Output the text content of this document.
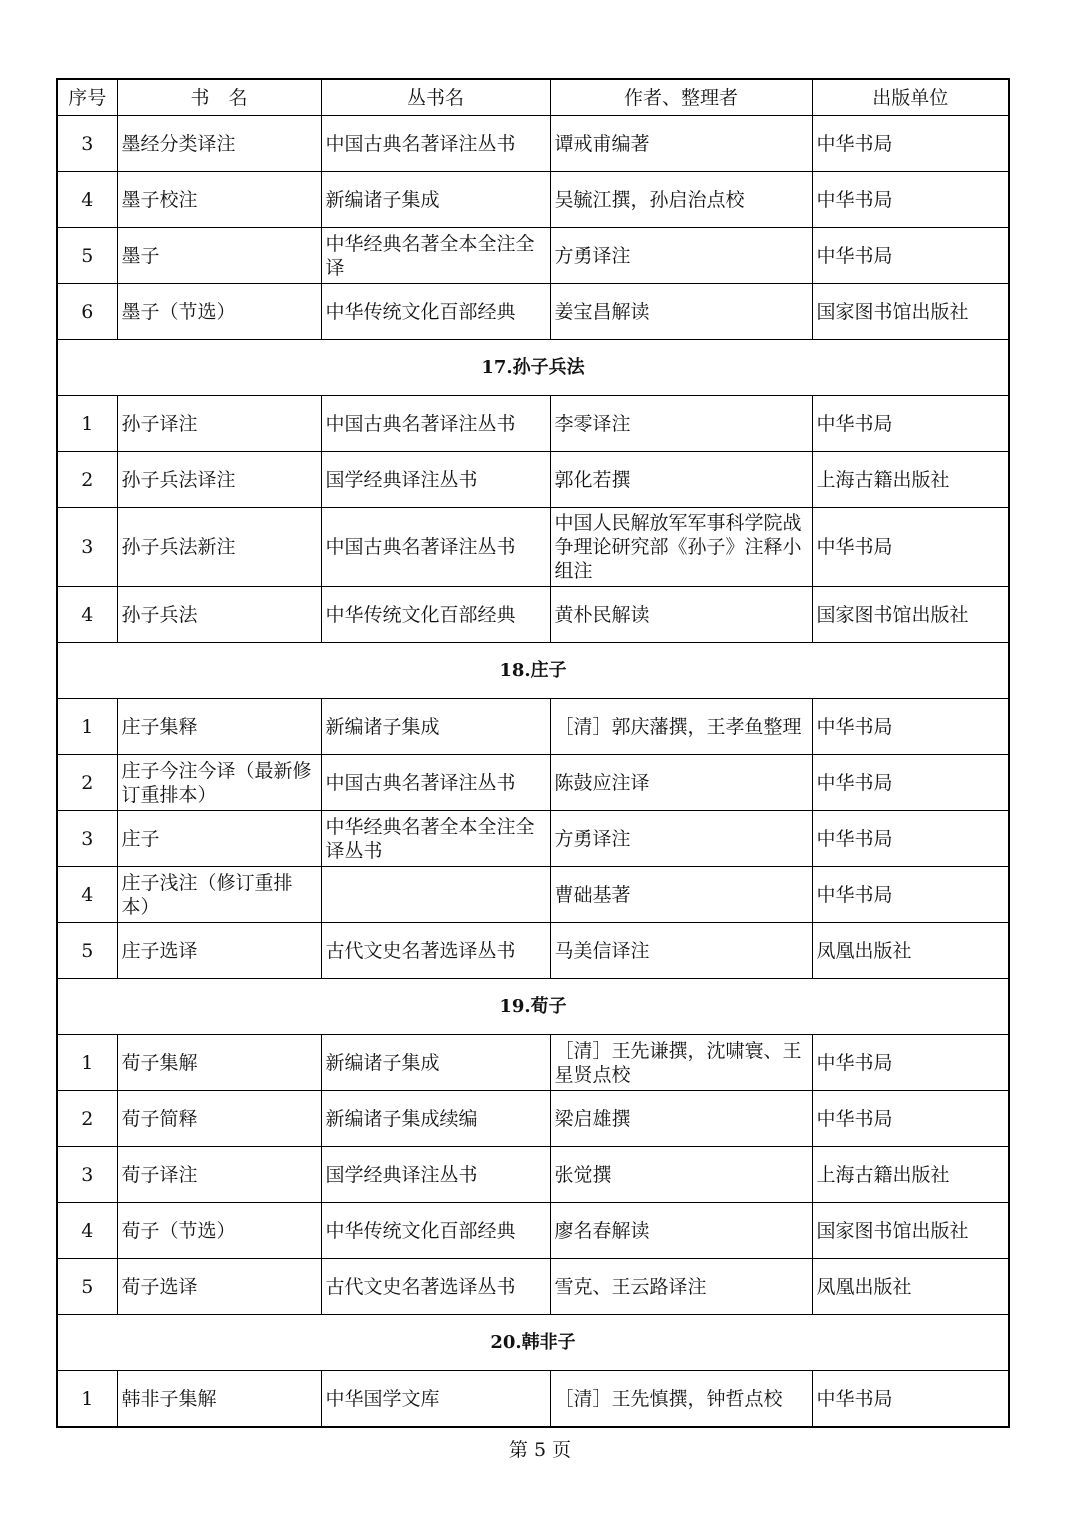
序号	书　名	丛书名	作者、整理者	出版单位
3	墨经分类译注	中国古典名著译注丛书	谭戒甫编著	中华书局
4	墨子校注	新编诸子集成	吴毓江撰，孙启治点校	中华书局
5	墨子	中华经典名著全本全注全译	方勇译注	中华书局
6	墨子（节选）	中华传统文化百部经典	姜宝昌解读	国家图书馆出版社
17.孙子兵法				
1	孙子译注	中国古典名著译注丛书	李零译注	中华书局
2	孙子兵法译注	国学经典译注丛书	郭化若撰	上海古籍出版社
3	孙子兵法新注	中国古典名著译注丛书	中国人民解放军军事科学院战争理论研究部《孙子》注释小组注	中华书局
4	孙子兵法	中华传统文化百部经典	黄朴民解读	国家图书馆出版社
18.庄子				
1	庄子集释	新编诸子集成	［清］郭庆藩撰，王孝鱼整理	中华书局
2	庄子今注今译（最新修订重排本）	中国古典名著译注丛书	陈鼓应注译	中华书局
3	庄子	中华经典名著全本全注全译丛书	方勇译注	中华书局
4	庄子浅注（修订重排本）		曹础基著	中华书局
5	庄子选译	古代文史名著选译丛书	马美信译注	凤凰出版社
19.荀子				
1	荀子集解	新编诸子集成	［清］王先谦撰，沈啸寰、王星贤点校	中华书局
2	荀子简释	新编诸子集成续编	梁启雄撰	中华书局
3	荀子译注	国学经典译注丛书	张觉撰	上海古籍出版社
4	荀子（节选）	中华传统文化百部经典	廖名春解读	国家图书馆出版社
5	荀子选译	古代文史名著选译丛书	雪克、王云路译注	凤凰出版社
20.韩非子				
1	韩非子集解	中华国学文库	［清］王先慎撰，钟哲点校	中华书局
第 5 页
